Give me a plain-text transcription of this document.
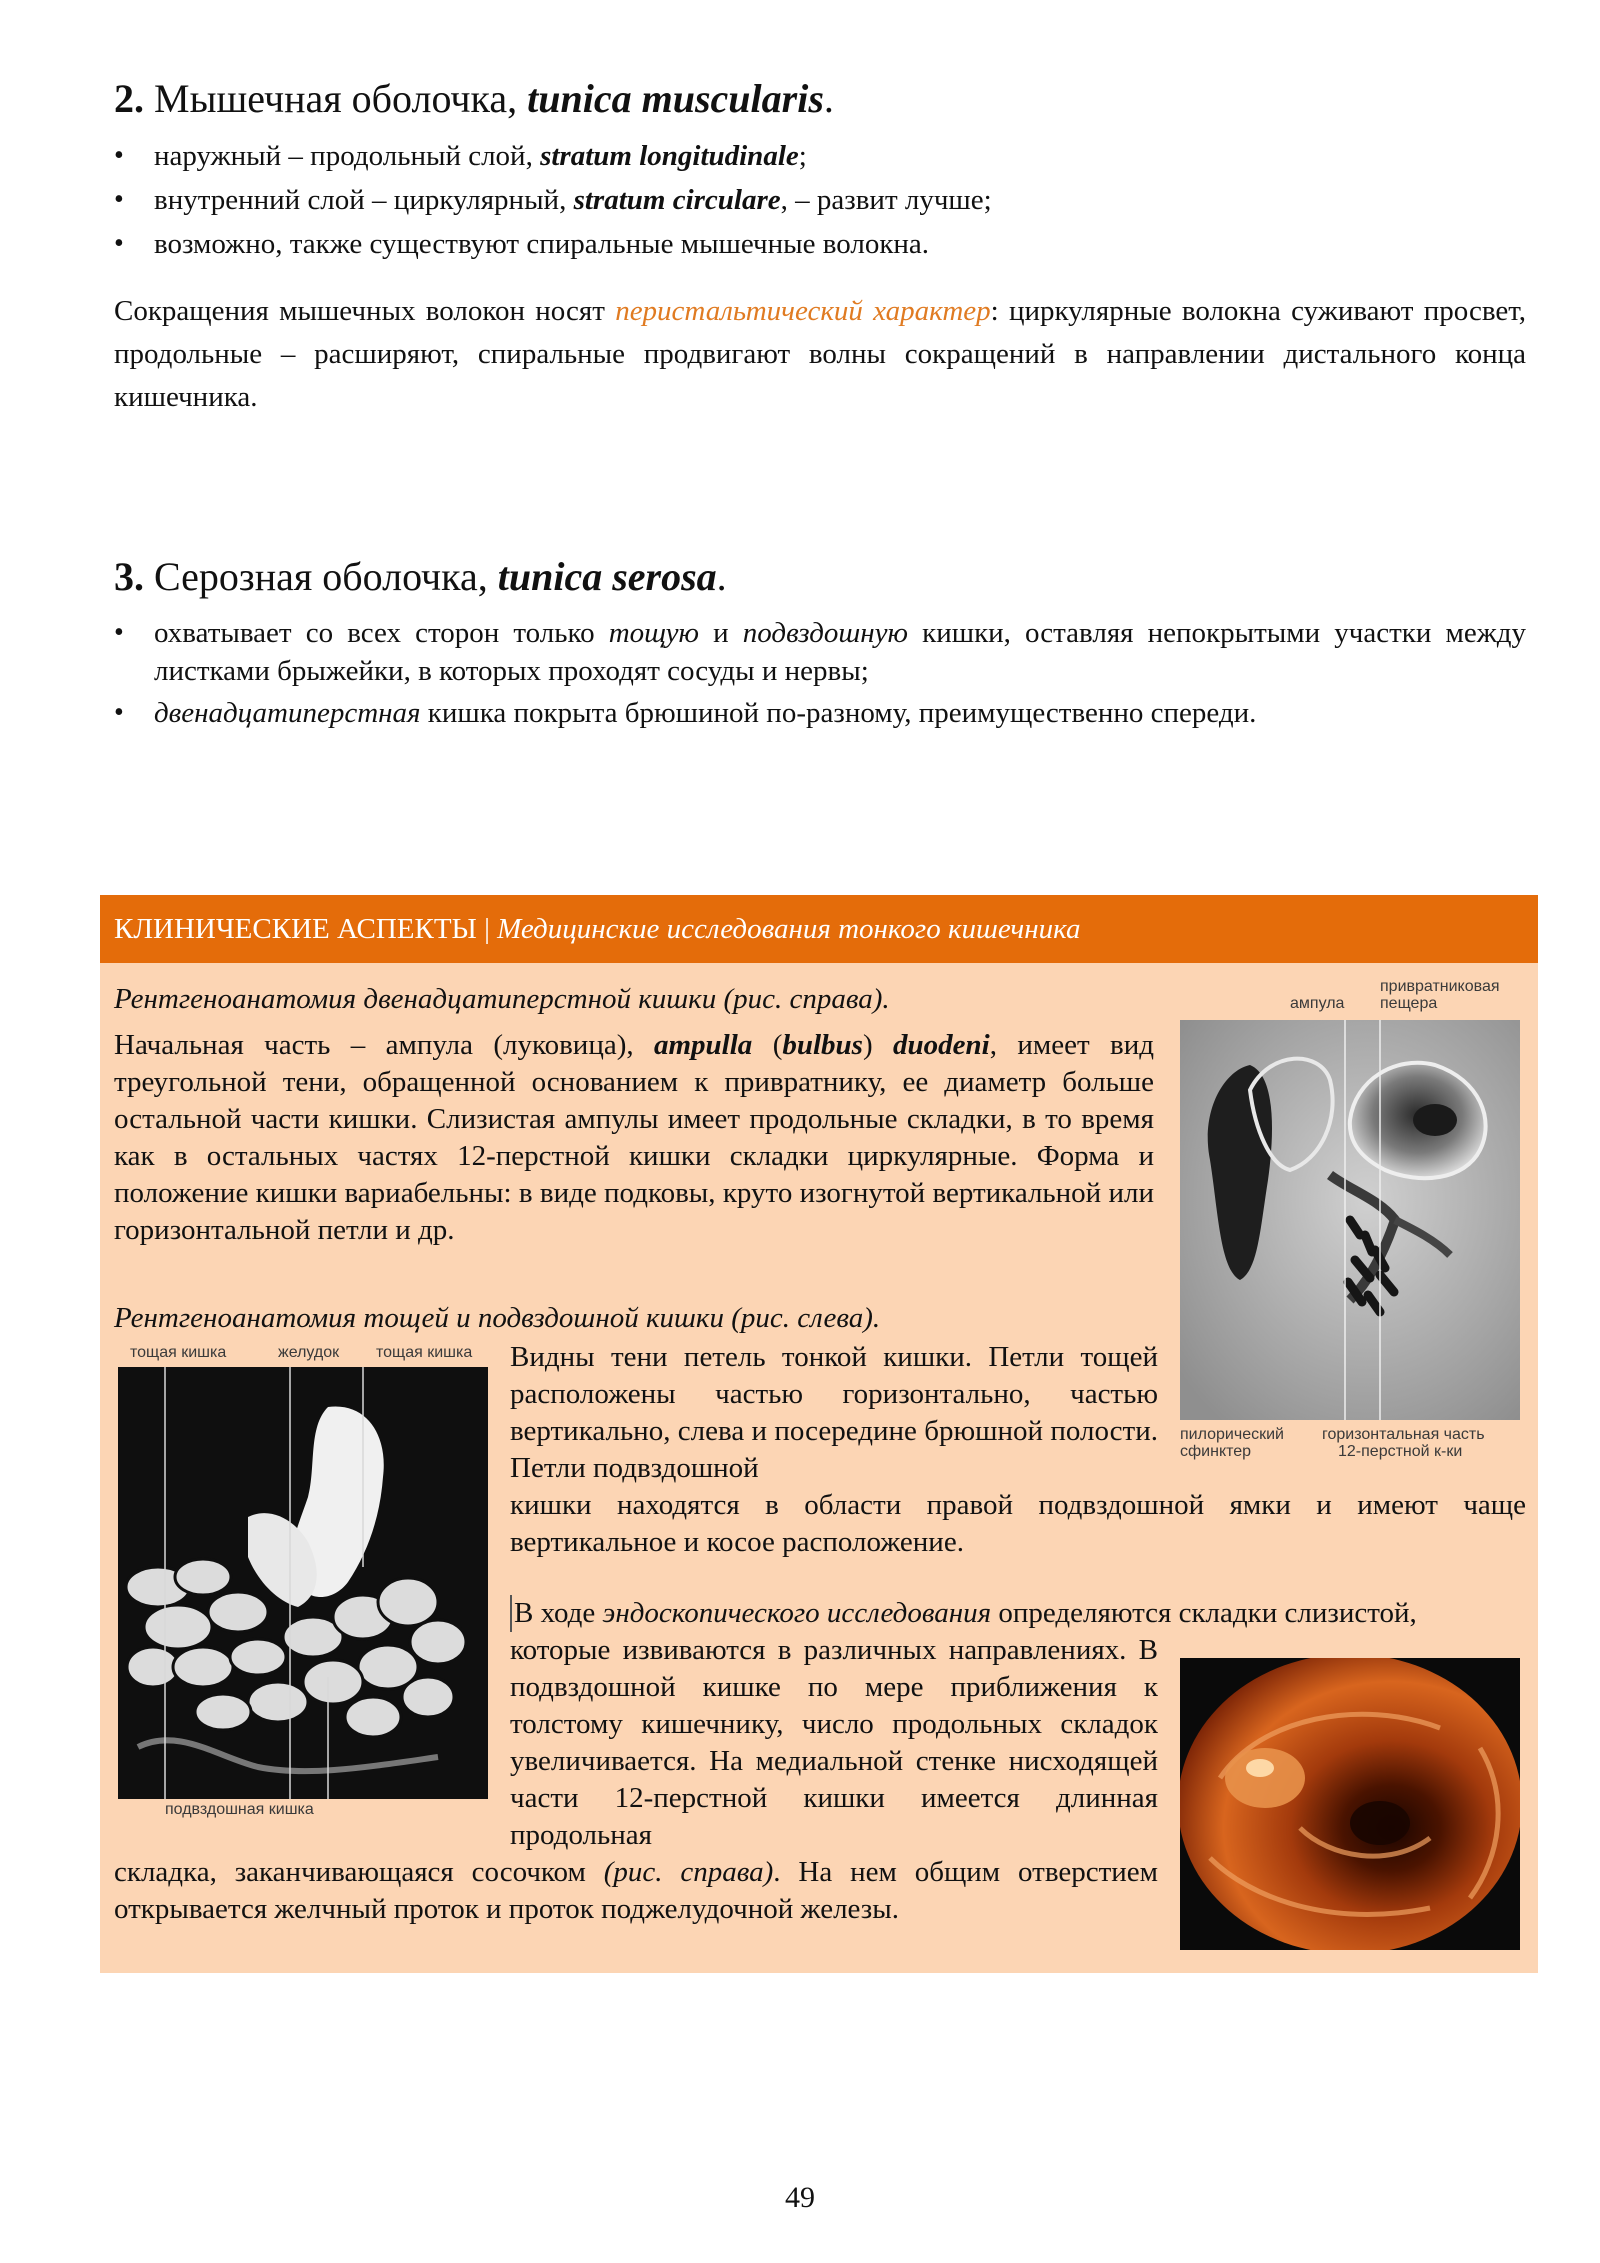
2. Мышечная оболочка, tunica muscularis.
• наружный – продольный слой, stratum longitudinale;
• внутренний слой – циркулярный, stratum circulare, – развит лучше;
• возможно, также существуют спиральные мышечные волокна.

Сокращения мышечных волокон носят перистальтический характер: циркулярные волокна суживают просвет, продольные – расширяют, спиральные продвигают волны сокращений в направлении дистального конца кишечника.

3. Серозная оболочка, tunica serosa.
• охватывает со всех сторон только тощую и подвздошную кишки, оставляя непокрытыми участки между листками брыжейки, в которых проходят сосуды и нервы;
• двенадцатиперстная кишка покрыта брюшиной по-разному, преимущественно спереди.
КЛИНИЧЕСКИЕ АСПЕКТЫ | Медицинские исследования тонкого кишечника

Рентгеноанатомия двенадцатиперстной кишки (рис. справа).

Начальная часть – ампула (луковица), ampulla (bulbus) duodeni, имеет вид треугольной тени, обращенной основанием к привратнику, ее диаметр больше остальной части кишки. Слизистая ампулы имеет продольные складки, в то время как в остальных частях 12-перстной кишки складки циркулярные. Форма и положение кишки вариабельны: в виде подковы, круто изогнутой вертикальной или горизонтальной петли и др.

ампула
привратниковая
пещера
пилорический
сфинктер
горизонтальная часть
12-перстной к-ки

Рентгеноанатомия тощей и подвздошной кишки (рис. слева).

тощая кишка	желудок тощая кишка
подвздошная кишка

Видны тени петель тонкой кишки. Петли тощей расположены частью горизонтально, частью вертикально, слева и посередине брюшной полости. Петли подвздошной

кишки находятся в области правой подвздошной ямки и имеют чаще вертикальное и косое расположение.

В ходе эндоскопического исследования определяются складки слизистой,

которые извиваются в различных направлениях. В подвздошной кишке по мере приближения к толстому кишечнику, число продольных складок увеличивается. На медиальной стенке нисходящей части 12-перстной кишки имеется длинная продольная

складка, заканчивающаяся сосочком (рис. справа). На нем общим отверстием открывается желчный проток и проток поджелудочной железы.

49
